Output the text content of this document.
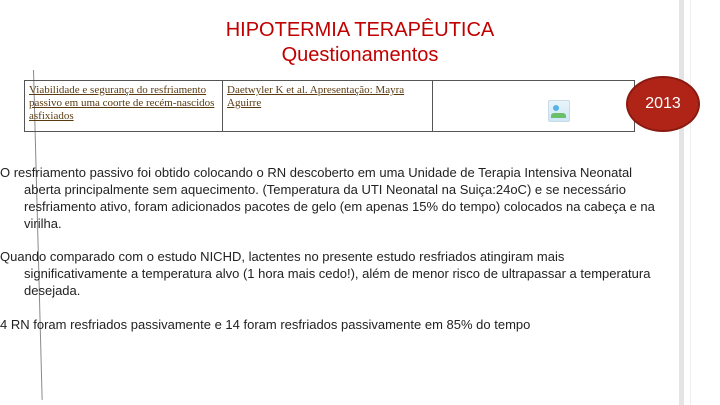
HIPOTERMIA TERAPÊUTICA
Questionamentos
Viabilidade e segurança do resfriamento passivo em uma coorte de recém-nascidos asfixiados	Daetwyler K et al. Apresentação: Mayra Aguirre		2013
O resfriamento passivo foi obtido colocando o RN descoberto em uma Unidade de Terapia Intensiva Neonatal aberta principalmente sem aquecimento. (Temperatura da UTI Neonatal na Suiça:24oC) e se necessário resfriamento ativo, foram adicionados pacotes de gelo (em apenas 15% do tempo) colocados na cabeça e na virilha.
Quando comparado com o estudo NICHD, lactentes no presente estudo resfriados atingiram mais significativamente a temperatura alvo (1 hora mais cedo!), além de menor risco de ultrapassar a temperatura desejada.
4 RN foram resfriados passivamente e 14 foram resfriados passivamente em 85% do tempo
